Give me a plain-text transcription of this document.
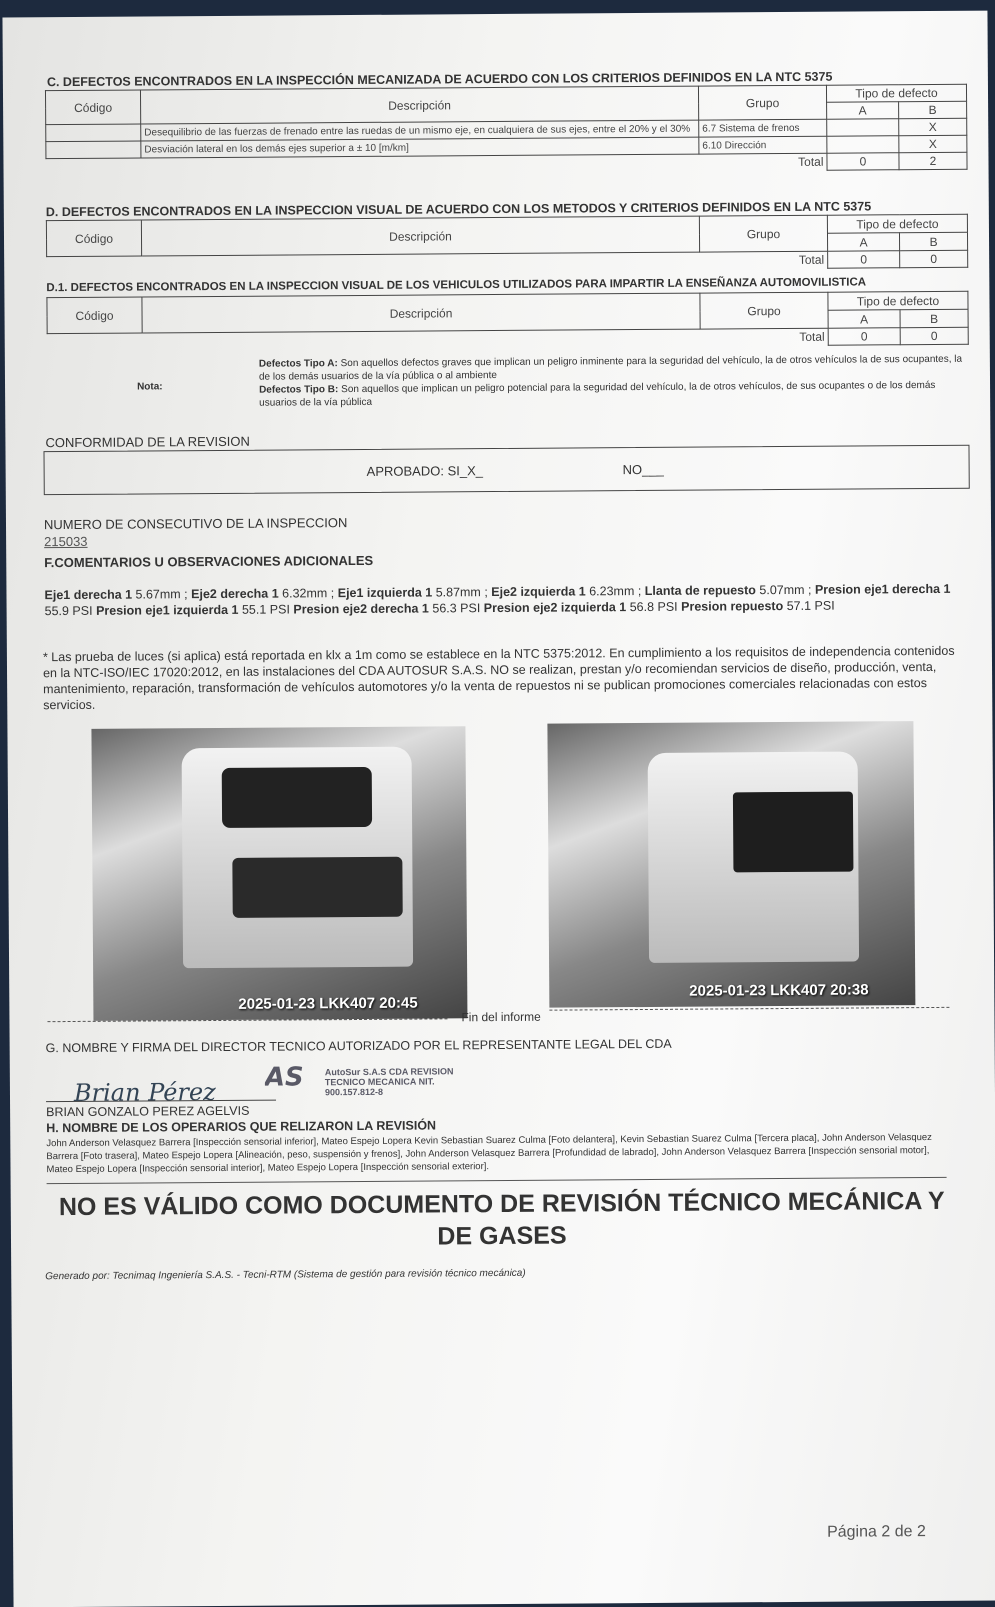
C. DEFECTOS ENCONTRADOS EN LA INSPECCIÓN MECANIZADA DE ACUERDO CON LOS CRITERIOS DEFINIDOS EN LA NTC 5375
Código	Descripción	Grupo	Tipo de defecto	
			A	B
	Desequilibrio de las fuerzas de frenado entre las ruedas de un mismo eje, en cualquiera de sus ejes, entre el 20% y el 30%	6.7 Sistema de frenos		X
	Desviación lateral en los demás ejes superior a ± 10 [m/km]	6.10 Dirección		X
Total			0	2
D. DEFECTOS ENCONTRADOS EN LA INSPECCION VISUAL DE ACUERDO CON LOS METODOS Y CRITERIOS DEFINIDOS EN LA NTC 5375
Código	Descripción	Grupo	Tipo de defecto	
			A	B
Total			0	0
D.1. DEFECTOS ENCONTRADOS EN LA INSPECCION VISUAL DE LOS VEHICULOS UTILIZADOS PARA IMPARTIR LA ENSEÑANZA AUTOMOVILISTICA
Código	Descripción	Grupo	Tipo de defecto	
			A	B
Total			0	0
Nota:
Defectos Tipo A: Son aquellos defectos graves que implican un peligro inminente para la seguridad del vehículo, la de otros vehículos la de sus ocupantes, la de los demás usuarios de la vía pública o al ambiente
Defectos Tipo B: Son aquellos que implican un peligro potencial para la seguridad del vehículo, la de otros vehículos, de sus ocupantes o de los demás usuarios de la vía pública
CONFORMIDAD DE LA REVISION
APROBADO: SI_X_	NO___
NUMERO DE CONSECUTIVO DE LA INSPECCION
215033
F.COMENTARIOS U OBSERVACIONES ADICIONALES
Eje1 derecha 1 5.67mm ; Eje2 derecha 1 6.32mm ; Eje1 izquierda 1 5.87mm ; Eje2 izquierda 1 6.23mm ; Llanta de repuesto 5.07mm ; Presion eje1 derecha 1 55.9 PSI Presion eje1 izquierda 1 55.1 PSI Presion eje2 derecha 1 56.3 PSI Presion eje2 izquierda 1 56.8 PSI Presion repuesto 57.1 PSI
* Las prueba de luces (si aplica) está reportada en klx a 1m como se establece en la NTC 5375:2012. En cumplimiento a los requisitos de independencia contenidos en la NTC-ISO/IEC 17020:2012, en las instalaciones del CDA AUTOSUR S.A.S. NO se realizan, prestan y/o recomiendan servicios de diseño, producción, venta, mantenimiento, reparación, transformación de vehículos automotores y/o la venta de repuestos ni se publican promociones comerciales relacionadas con estos servicios.
2025-01-23 LKK407 20:45
2025-01-23 LKK407 20:38
Fin del informe
G. NOMBRE Y FIRMA DEL DIRECTOR TECNICO AUTORIZADO POR EL REPRESENTANTE LEGAL DEL CDA
Brian Pérez AS AutoSur S.A.S CDA REVISION TECNICO MECANICA NIT. 900.157.812-8
BRIAN GONZALO PEREZ AGELVIS
H. NOMBRE DE LOS OPERARIOS QUE RELIZARON LA REVISIÓN
John Anderson Velasquez Barrera [Inspección sensorial inferior], Mateo Espejo Lopera Kevin Sebastian Suarez Culma [Foto delantera], Kevin Sebastian Suarez Culma [Tercera placa], John Anderson Velasquez Barrera [Foto trasera], Mateo Espejo Lopera [Alineación, peso, suspensión y frenos], John Anderson Velasquez Barrera [Profundidad de labrado], John Anderson Velasquez Barrera [Inspección sensorial motor], Mateo Espejo Lopera [Inspección sensorial interior], Mateo Espejo Lopera [Inspección sensorial exterior].
NO ES VÁLIDO COMO DOCUMENTO DE REVISIÓN TÉCNICO MECÁNICA Y DE GASES
Generado por: Tecnimaq Ingeniería S.A.S. - Tecni-RTM (Sistema de gestión para revisión técnico mecánica)
Página 2 de 2
